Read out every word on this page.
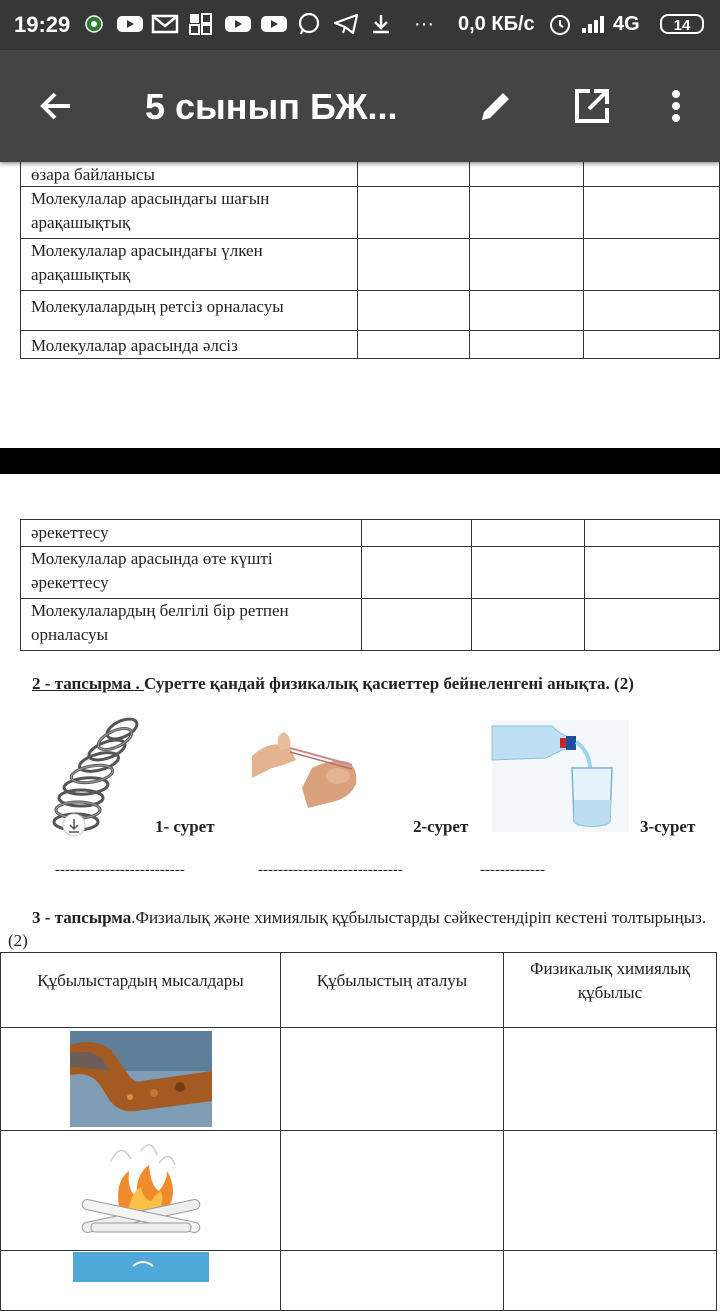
19:29	··· 0,0 КБ/с	4G	14
5 сынып БЖ...
өзара байланысы			
Молекулалар арасындағы шағын арақашықтық			
Молекулалар арасындағы үлкен арақашықтық			
Молекулалардың ретсіз орналасуы			
Молекулалар арасында әлсіз			
әрекеттесу			
Молекулалар арасында өте күшті әрекеттесу			
Молекулалардың белгілі бір ретпен орналасуы			
2 - тапсырма . Суретте қандай физикалық қасиеттер бейнеленгені анықта. (2)
1- сурет	2-сурет	3-сурет
--------------------------	-----------------------------	-------------
3 - тапсырма.Физиалық және химиялық құбылыстарды сәйкестендіріп кестені толтырыңыз. (2)
Құбылыстардың мысалдары	Құбылыстың аталуы	Физикалық химиялық құбылыс
